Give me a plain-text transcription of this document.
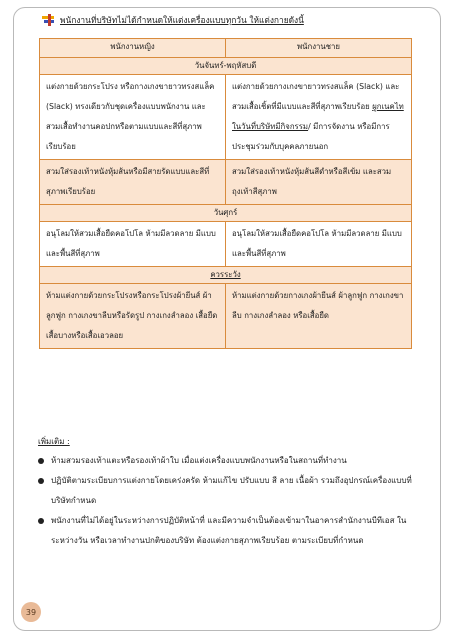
พนักงานที่บริษัทไม่ได้กำหนดให้แต่งเครื่องแบบทุกวัน ให้แต่งกายดังนี้
พนักงานหญิง	พนักงานชาย
วันจันทร์-พฤหัสบดี	
แต่งกายด้วยกระโปรง หรือกางเกงขายาวทรงสแล็ค (Slack) ทรงเดียวกับชุดเครื่องแบบพนักงาน และสวมเสื้อทำงานคอปกหรือตามแบบและสีที่สุภาพเรียบร้อย	แต่งกายด้วยกางเกงขายาวทรงสแล็ค (Slack) และสวมเสื้อเชิ้ตที่มีแบบและสีที่สุภาพเรียบร้อย ผูกเนคไทในวันที่บริษัทมีกิจกรรม/ มีการจัดงาน หรือมีการประชุมร่วมกับบุคคลภายนอก
สวมใส่รองเท้าหนังหุ้มส้นหรือมีสายรัดแบบและสีที่สุภาพเรียบร้อย	สวมใส่รองเท้าหนังหุ้มส้นสีดำหรือสีเข้ม และสวมถุงเท้าสีสุภาพ
วันศุกร์	
อนุโลมให้สวมเสื้อยืดคอโปโล ห้ามมีลวดลาย มีแบบและพื้นสีที่สุภาพ	อนุโลมให้สวมเสื้อยืดคอโปโล ห้ามมีลวดลาย มีแบบและพื้นสีที่สุภาพ
ควรระวัง	
ห้ามแต่งกายด้วยกระโปรงหรือกระโปรงผ้ายีนส์ ผ้าลูกฟูก กางเกงขาลีบหรือรัดรูป กางเกงลำลอง เสื้อยืด เสื้อบางหรือเสื้อเอวลอย	ห้ามแต่งกายด้วยกางเกงผ้ายีนส์ ผ้าลูกฟูก กางเกงขาลีบ กางเกงลำลอง หรือเสื้อยืด
เพิ่มเติม :
ห้ามสวมรองเท้าแตะหรือรองเท้าผ้าใบ เมื่อแต่งเครื่องแบบพนักงานหรือในสถานที่ทำงาน
ปฏิบัติตามระเบียบการแต่งกายโดยเคร่งครัด ห้ามแก้ไข ปรับแบบ สี ลาย เนื้อผ้า รวมถึงอุปกรณ์เครื่องแบบที่บริษัทกำหนด
พนักงานที่ไม่ได้อยู่ในระหว่างการปฏิบัติหน้าที่ และมีความจำเป็นต้องเข้ามาในอาคารสำนักงานบีทีเอส ในระหว่างวัน หรือเวลาทำงานปกติของบริษัท ต้องแต่งกายสุภาพเรียบร้อย ตามระเบียบที่กำหนด
39
